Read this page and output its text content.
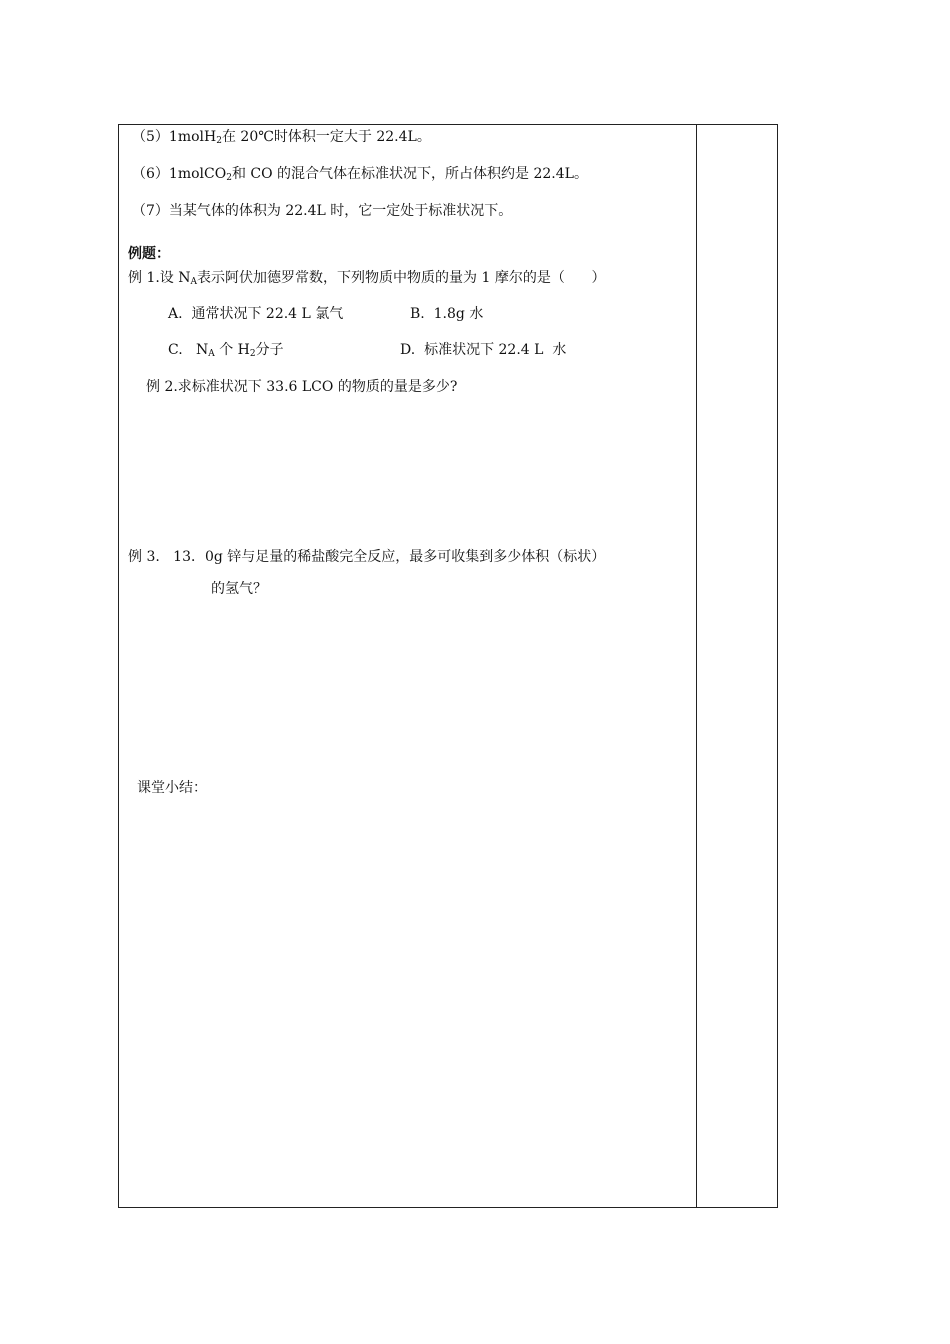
（5）1molH$_2$在 20℃时体积一定大于 22.4L。
（6）1molCO$_2$和 CO 的混合气体在标准状况下，所占体积约是 22.4L。
（7）当某气体的体积为 22.4L 时，它一定处于标准状况下。
例题：
例 1.设 $N_A$表示阿伏加德罗常数，下列物质中物质的量为 1 摩尔的是（      ）
A.  通常状况下 22.4 L 氯气	B.  1.8g 水
C.   $N_A$ 个 $H_2$分子	D.  标准状况下 22.4 L  水
例 2.求标准状况下 33.6 LCO 的物质的量是多少?
例 3.   13．0g 锌与足量的稀盐酸完全反应，最多可收集到多少体积（标状）
的氢气？
课堂小结：
